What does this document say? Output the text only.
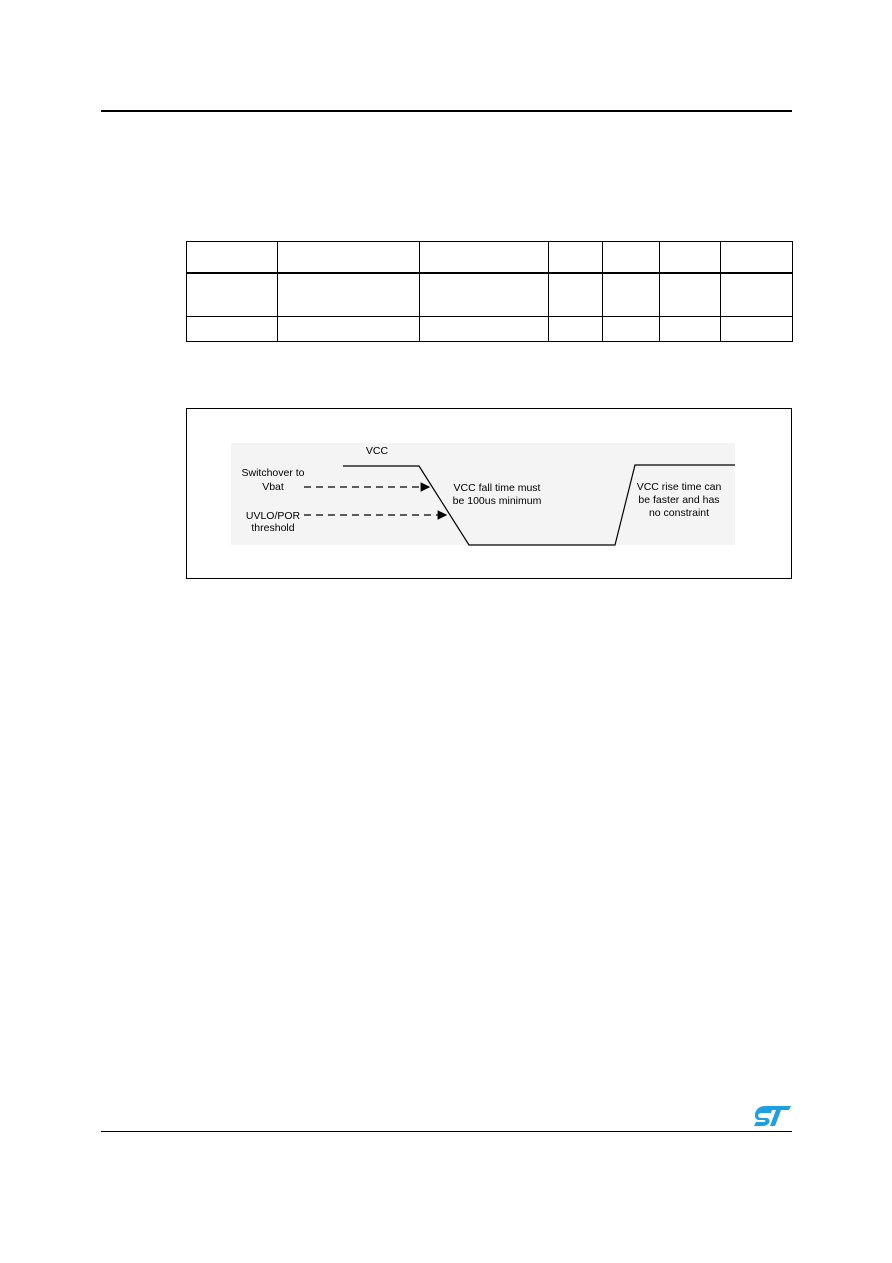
VCC
Switchover to
Vbat
UVLO/POR
threshold
VCC fall time must
be 100us minimum
VCC rise time can
be faster and has
no constraint
